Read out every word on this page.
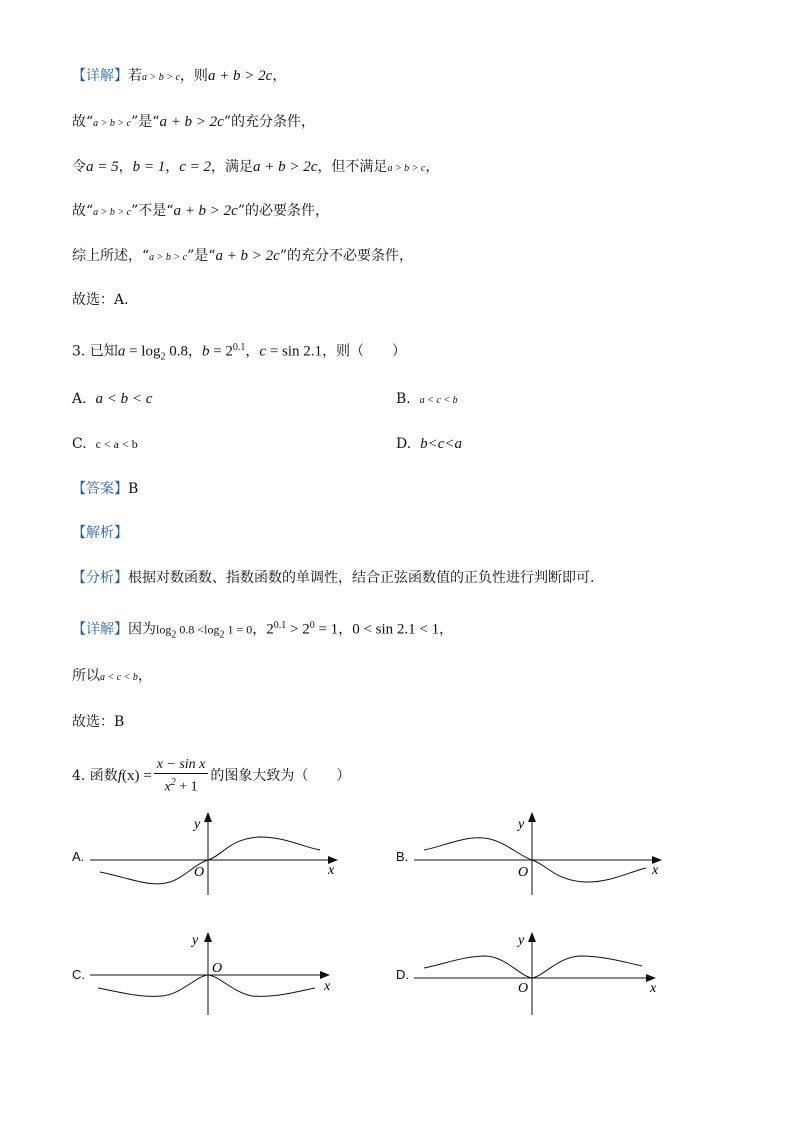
【详解】若a > b > c，则a + b > 2c，
故“a > b > c”是“a + b > 2c”的充分条件，
令a = 5，b = 1，c = 2，满足a + b > 2c，但不满足a > b > c，
故“a > b > c”不是“a + b > 2c”的必要条件，
综上所述，“a > b > c”是“a + b > 2c”的充分不必要条件，
故选：A.
3. 已知$a = \log_2 0.8$，$b = 2^{0.1}$，c = sin 2.1，则（　　）
A. a < b < c	B. a < c < b
C. c < a < b	D. b<c<a
【答案】B
【解析】
【分析】根据对数函数、指数函数的单调性，结合正弦函数值的正负性进行判断即可.
【详解】因为$\log_2 0.8 <\log_2$ 1 = 0，$2^{0.1} > 2^0 = 1$，0 < sin 2.1 < 1，
所以a < c < b，
故选：B
4. 函数$f(x) = \frac{\text{x − sin x}}{x^2 + 1}$ 的图象大致为（　　）
A.	B.
C.	D.
y
x
O
y
x
O
y
x
O
y
x
O
